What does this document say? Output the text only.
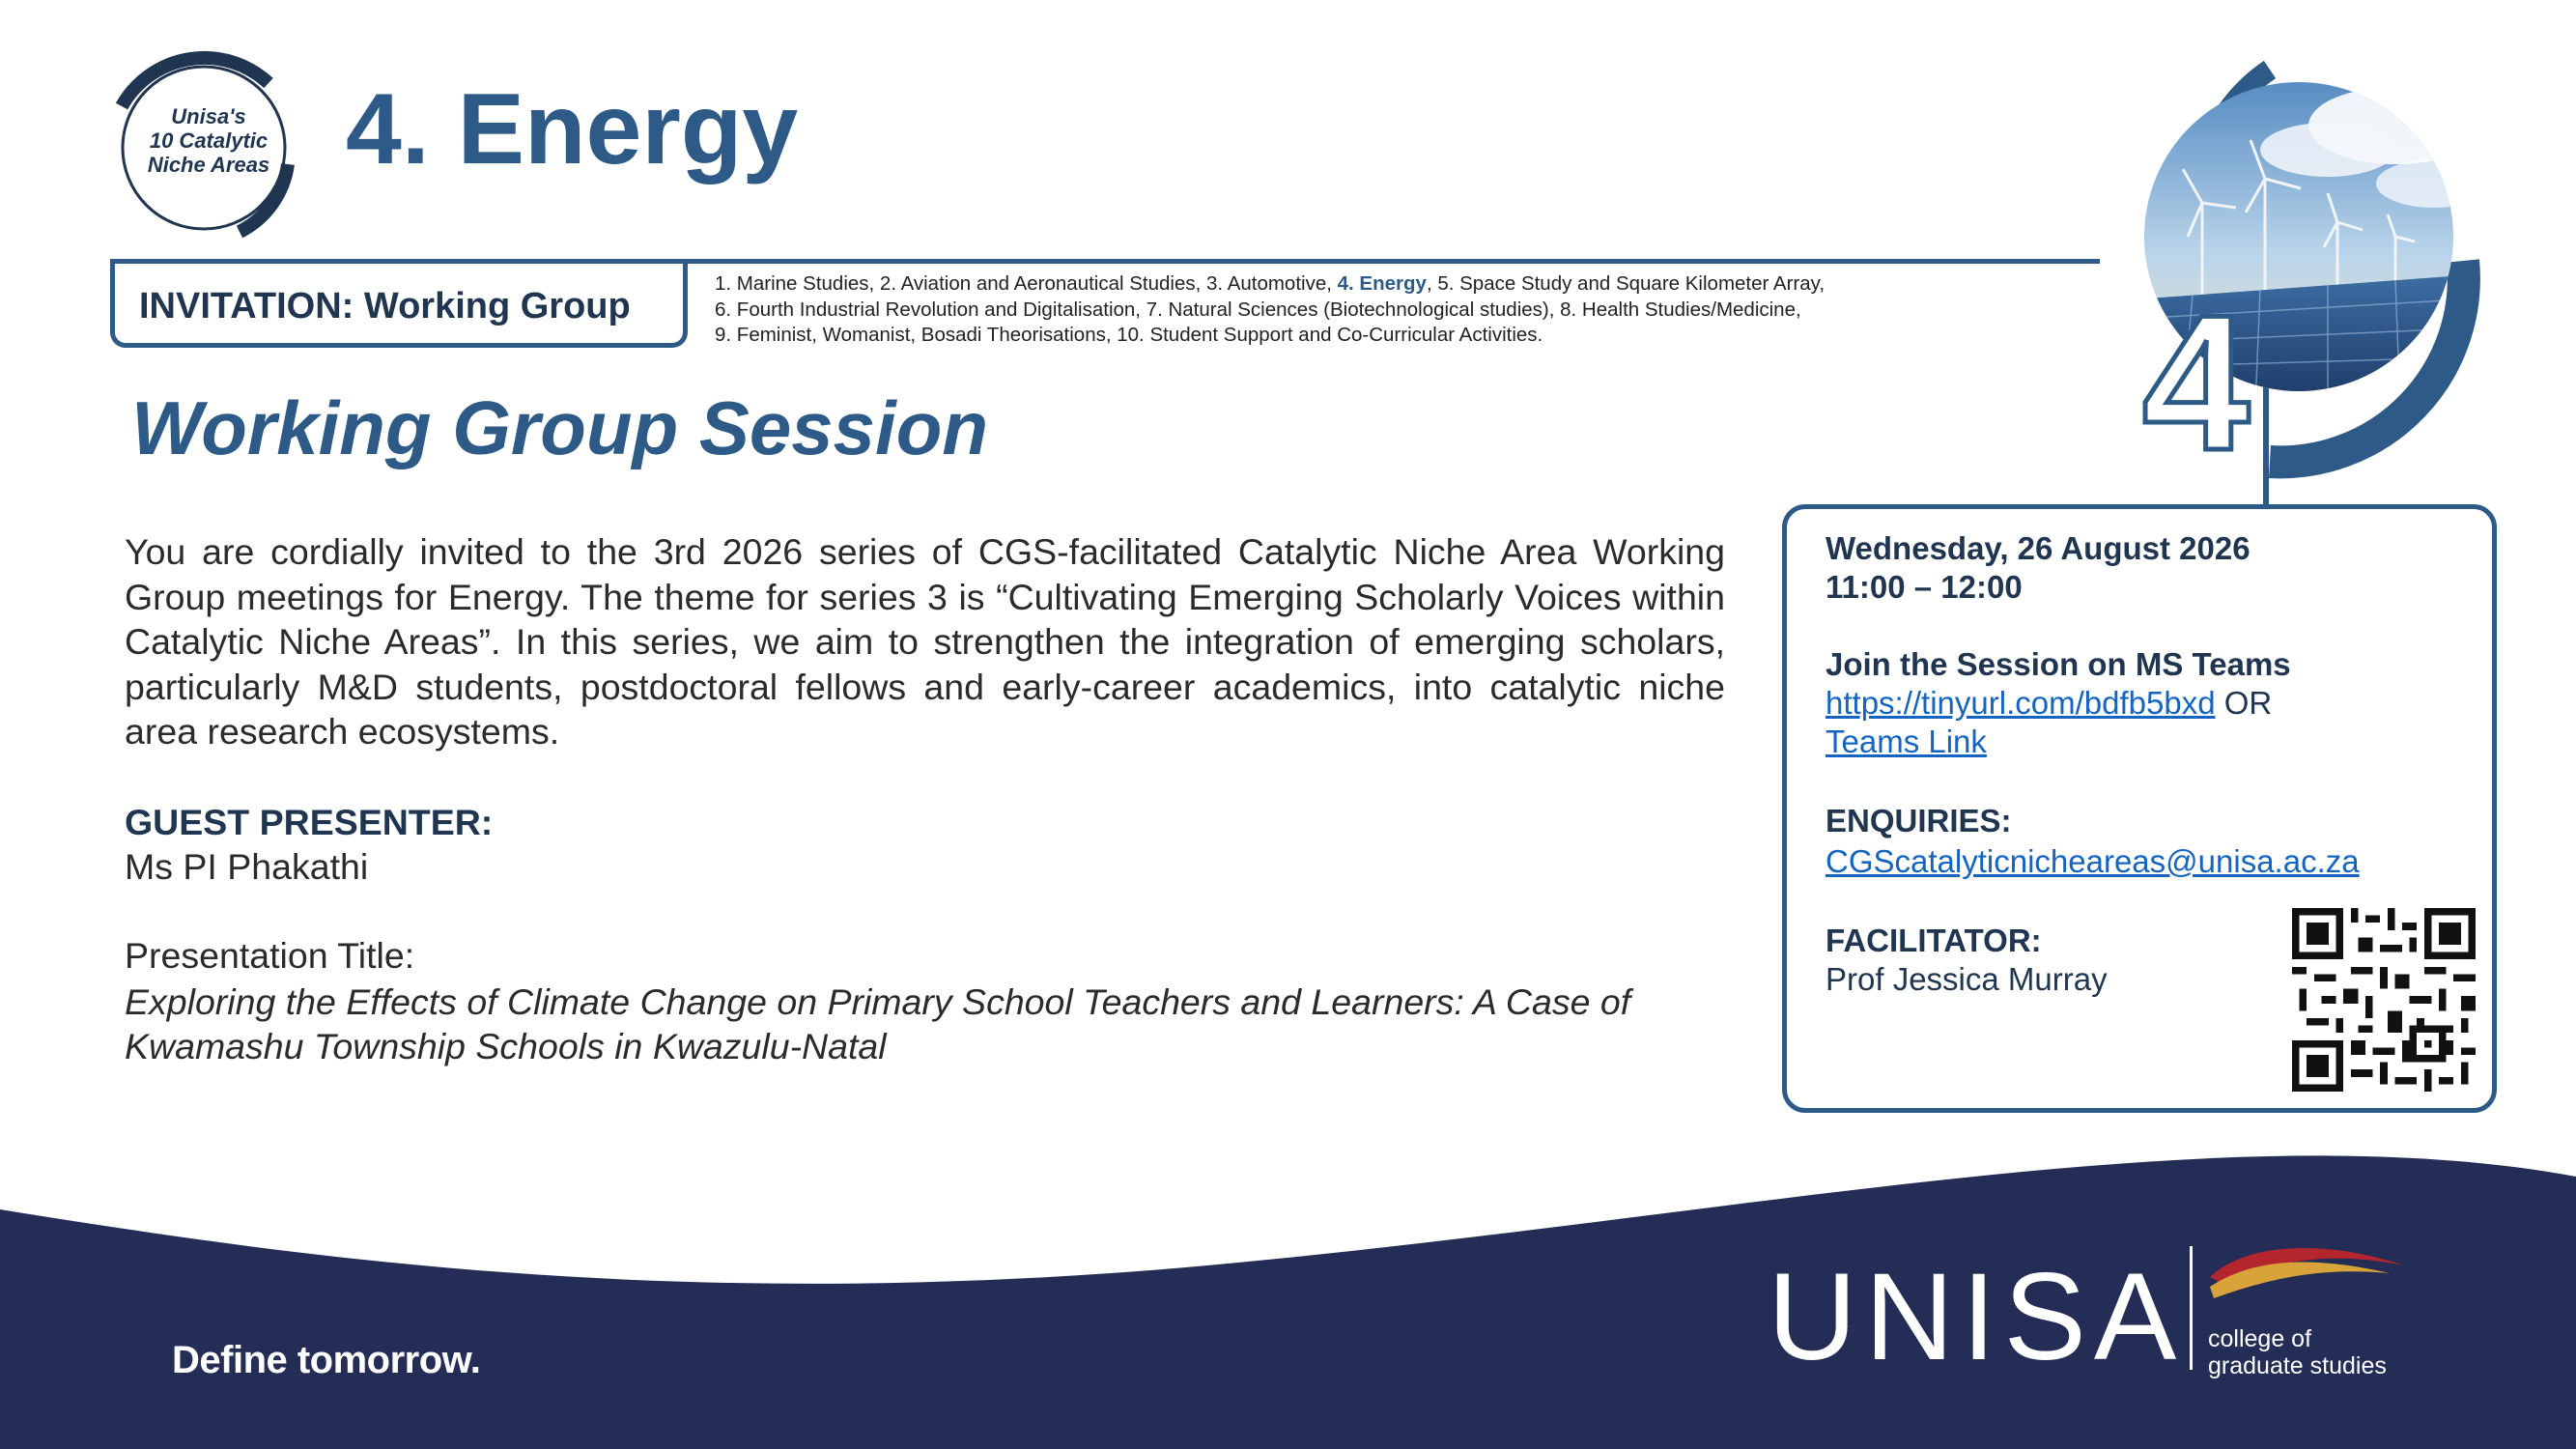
Unisa's
10 Catalytic
Niche Areas 4. Energy
INVITATION: Working Group
1. Marine Studies, 2. Aviation and Aeronautical Studies, 3. Automotive, 4. Energy, 5. Space Study and Square Kilometer Array,
6. Fourth Industrial Revolution and Digitalisation, 7. Natural Sciences (Biotechnological studies), 8. Health Studies/Medicine,
9. Feminist, Womanist, Bosadi Theorisations, 10. Student Support and Co-Curricular Activities.	4
Working Group Session
You are cordially invited to the 3rd 2026 series of CGS-facilitated Catalytic Niche Area Working Group meetings for Energy. The theme for series 3 is “Cultivating Emerging Scholarly Voices within Catalytic Niche Areas”. In this series, we aim to strengthen the integration of emerging scholars, particularly M&D students, postdoctoral fellows and early-career academics, into catalytic niche area research ecosystems.
GUEST PRESENTER:
Ms PI Phakathi
Presentation Title:
Exploring the Effects of Climate Change on Primary School Teachers and Learners: A Case of Kwamashu Township Schools in Kwazulu-Natal
Wednesday, 26 August 2026
11:00 – 12:00
Join the Session on MS Teams
https://tinyurl.com/bdfb5bxd OR
Teams Link
ENQUIRIES:
CGScatalyticnicheareas@unisa.ac.za
FACILITATOR:
Prof Jessica Murray
Define tomorrow.	UNISA college of
graduate studies
